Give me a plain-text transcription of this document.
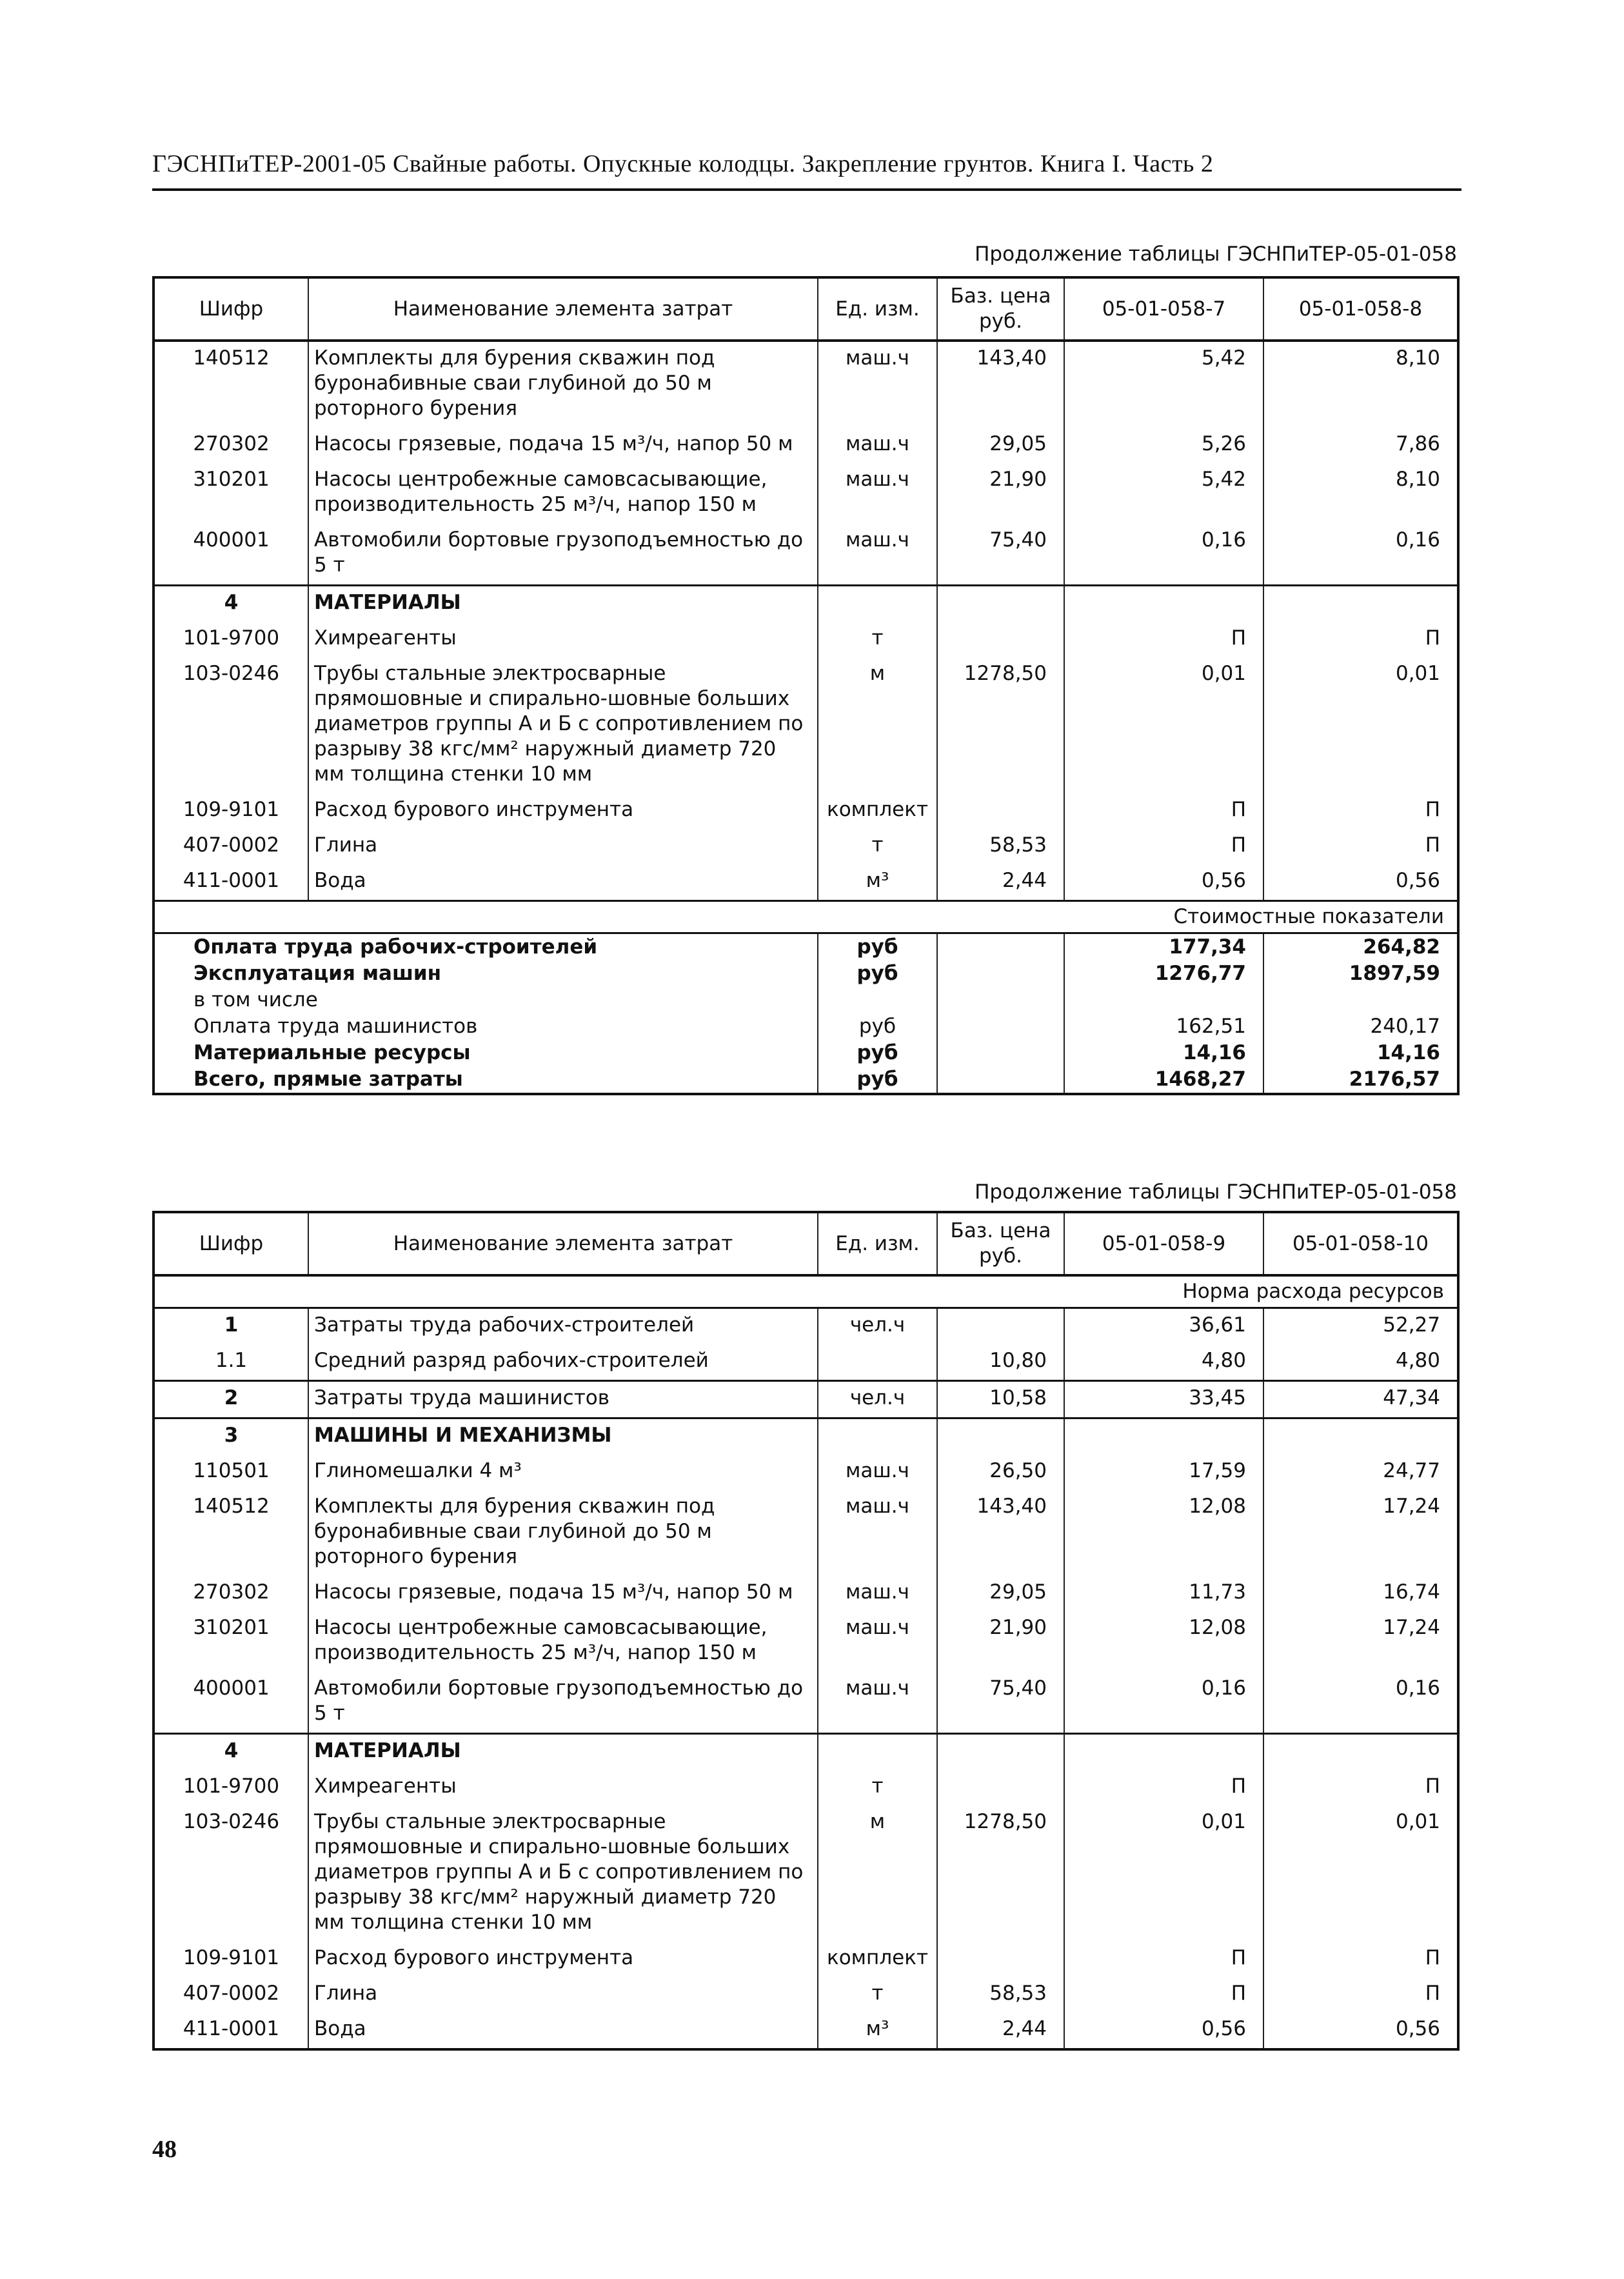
ГЭСНПиТЕР-2001-05 Свайные работы. Опускные колодцы. Закрепление грунтов. Книга I. Часть 2
Продолжение таблицы ГЭСНПиТЕР-05-01-058
Шифр	Наименование элемента затрат	Ед. изм.	Баз. цена руб.	05-01-058-7	05-01-058-8
140512	Комплекты для бурения скважин под буронабивные сваи глубиной до 50 м роторного бурения	маш.ч	143,40	5,42	8,10
270302	Насосы грязевые, подача 15 м³/ч, напор 50 м	маш.ч	29,05	5,26	7,86
310201	Насосы центробежные самовсасывающие, производительность 25 м³/ч, напор 150 м	маш.ч	21,90	5,42	8,10
400001	Автомобили бортовые грузоподъемностью до 5 т	маш.ч	75,40	0,16	0,16
4	МАТЕРИАЛЫ				
101-9700	Химреагенты	т		П	П
103-0246	Трубы стальные электросварные прямошовные и спирально-шовные больших диаметров группы А и Б с сопротивлением по разрыву 38 кгс/мм² наружный диаметр 720 мм толщина стенки 10 мм	м	1278,50	0,01	0,01
109-9101	Расход бурового инструмента	комплект		П	П
407-0002	Глина	т	58,53	П	П
411-0001	Вода	м³	2,44	0,56	0,56
Стоимостные показатели					
Оплата труда рабочих-строителей		руб		177,34	264,82
Эксплуатация машин		руб		1276,77	1897,59
в том числе					
Оплата труда машинистов		руб		162,51	240,17
Материальные ресурсы		руб		14,16	14,16
Всего, прямые затраты		руб		1468,27	2176,57
Продолжение таблицы ГЭСНПиТЕР-05-01-058
Шифр	Наименование элемента затрат	Ед. изм.	Баз. цена руб.	05-01-058-9	05-01-058-10
Норма расхода ресурсов					
1	Затраты труда рабочих-строителей	чел.ч		36,61	52,27
1.1	Средний разряд рабочих-строителей		10,80	4,80	4,80
2	Затраты труда машинистов	чел.ч	10,58	33,45	47,34
3	МАШИНЫ И МЕХАНИЗМЫ				
110501	Глиномешалки 4 м³	маш.ч	26,50	17,59	24,77
140512	Комплекты для бурения скважин под буронабивные сваи глубиной до 50 м роторного бурения	маш.ч	143,40	12,08	17,24
270302	Насосы грязевые, подача 15 м³/ч, напор 50 м	маш.ч	29,05	11,73	16,74
310201	Насосы центробежные самовсасывающие, производительность 25 м³/ч, напор 150 м	маш.ч	21,90	12,08	17,24
400001	Автомобили бортовые грузоподъемностью до 5 т	маш.ч	75,40	0,16	0,16
4	МАТЕРИАЛЫ				
101-9700	Химреагенты	т		П	П
103-0246	Трубы стальные электросварные прямошовные и спирально-шовные больших диаметров группы А и Б с сопротивлением по разрыву 38 кгс/мм² наружный диаметр 720 мм толщина стенки 10 мм	м	1278,50	0,01	0,01
109-9101	Расход бурового инструмента	комплект		П	П
407-0002	Глина	т	58,53	П	П
411-0001	Вода	м³	2,44	0,56	0,56
48
